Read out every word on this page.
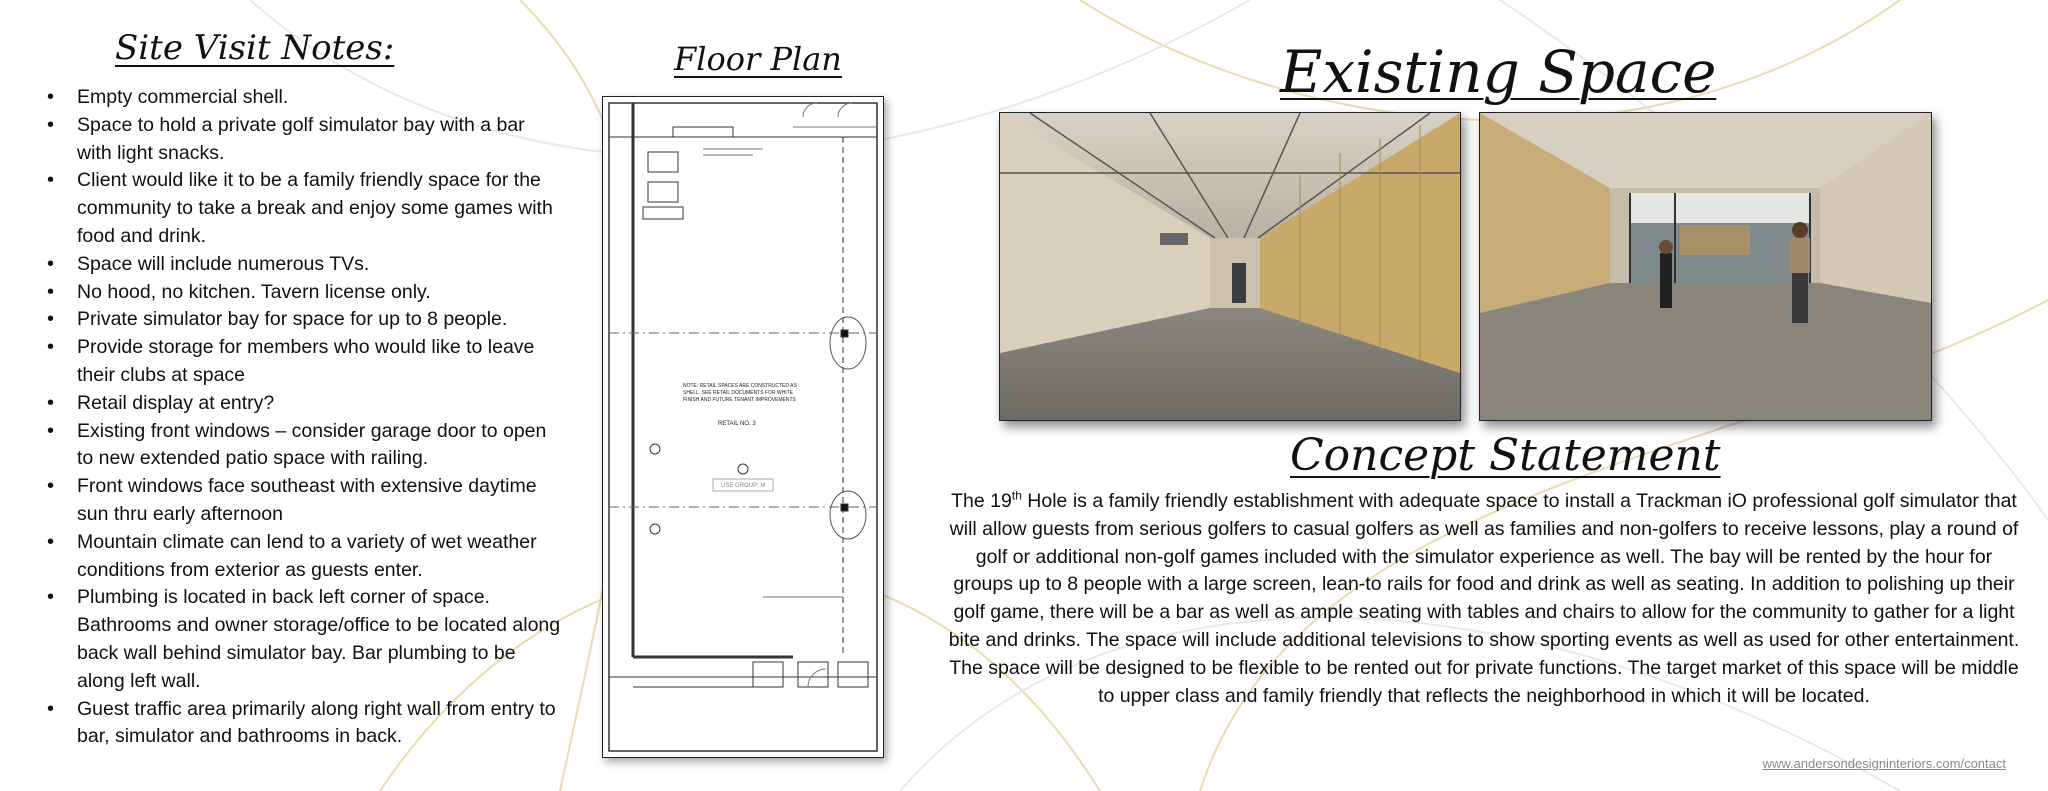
Site Visit Notes:
• Empty commercial shell.
• Space to hold a private golf simulator bay with a bar with light snacks.
• Client would like it to be a family friendly space for the community to take a break and enjoy some games with food and drink.
• Space will include numerous TVs.
• No hood, no kitchen. Tavern license only.
• Private simulator bay for space for up to 8 people.
• Provide storage for members who would like to leave their clubs at space
• Retail display at entry?
• Existing front windows – consider garage door to open to new extended patio space with railing.
• Front windows face southeast with extensive daytime sun thru early afternoon
• Mountain climate can lend to a variety of wet weather conditions from exterior as guests enter.
• Plumbing is located in back left corner of space. Bathrooms and owner storage/office to be located along back wall behind simulator bay. Bar plumbing to be along left wall.
• Guest traffic area primarily along right wall from entry to bar, simulator and bathrooms in back.
Floor Plan
NOTE: RETAIL SPACES ARE CONSTRUCTED AS
SHELL. SEE RETAIL DOCUMENTS FOR WHITE
FINISH AND FUTURE TENANT IMPROVEMENTS
RETAIL NO. 3
USE GROUP: M
Existing Space
Concept Statement

The 19th Hole is a family friendly establishment with adequate space to install a Trackman iO professional golf simulator that will allow guests from serious golfers to casual golfers as well as families and non-golfers to receive lessons, play a round of golf or additional non-golf games included with the simulator experience as well. The bay will be rented by the hour for groups up to 8 people with a large screen, lean-to rails for food and drink as well as seating. In addition to polishing up their golf game, there will be a bar as well as ample seating with tables and chairs to allow for the community to gather for a light bite and drinks. The space will include additional televisions to show sporting events as well as used for other entertainment. The space will be designed to be flexible to be rented out for private functions. The target market of this space will be middle to upper class and family friendly that reflects the neighborhood in which it will be located.

www.andersondesigninteriors.com/contact
